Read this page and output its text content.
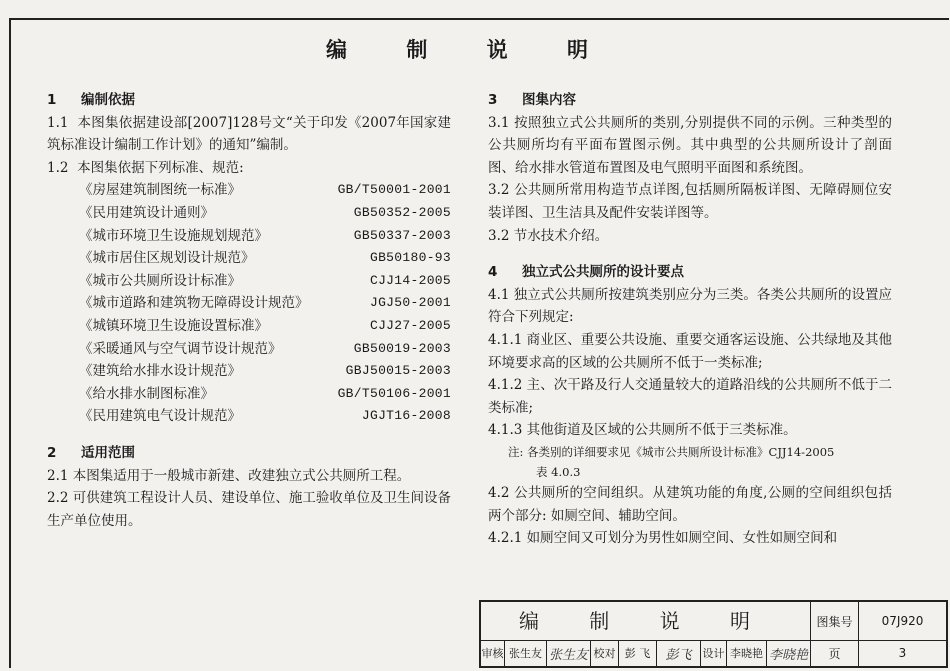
编 制 说 明
1 编制依据
1.1 本图集依据建设部[2007]128号文“关于印发《2007年国家建筑标准设计编制工作计划》的通知”编制。
1.2 本图集依据下列标准、规范:
《房屋建筑制图统一标准》	GB/T50001-2001
《民用建筑设计通则》	GB50352-2005
《城市环境卫生设施规划规范》	GB50337-2003
《城市居住区规划设计规范》	GB50180-93
《城市公共厕所设计标准》	CJJ14-2005
《城市道路和建筑物无障碍设计规范》	JGJ50-2001
《城镇环境卫生设施设置标准》	CJJ27-2005
《采暖通风与空气调节设计规范》	GB50019-2003
《建筑给水排水设计规范》	GBJ50015-2003
《给水排水制图标准》	GB/T50106-2001
《民用建筑电气设计规范》	JGJT16-2008
2 适用范围
2.1 本图集适用于一般城市新建、改建独立式公共厕所工程。
2.2 可供建筑工程设计人员、建设单位、施工验收单位及卫生间设备生产单位使用。
3 图集内容
3.1 按照独立式公共厕所的类别,分别提供不同的示例。三种类型的公共厕所均有平面布置图示例。其中典型的公共厕所设计了剖面图、给水排水管道布置图及电气照明平面图和系统图。
3.2 公共厕所常用构造节点详图,包括厕所隔板详图、无障碍厕位安装详图、卫生洁具及配件安装详图等。
3.2 节水技术介绍。
4 独立式公共厕所的设计要点
4.1 独立式公共厕所按建筑类别应分为三类。各类公共厕所的设置应符合下列规定:
4.1.1 商业区、重要公共设施、重要交通客运设施、公共绿地及其他环境要求高的区域的公共厕所不低于一类标准;
4.1.2 主、次干路及行人交通量较大的道路沿线的公共厕所不低于二类标准;
4.1.3 其他街道及区域的公共厕所不低于三类标准。
注: 各类别的详细要求见《城市公共厕所设计标准》CJJ14-2005
表 4.0.3
4.2 公共厕所的空间组织。从建筑功能的角度,公厕的空间组织包括两个部分: 如厕空间、辅助空间。
4.2.1 如厕空间又可划分为男性如厕空间、女性如厕空间和
编 制 说 明	图集号	07J920
审核 张生友 张生友 校对 彭 飞	彭飞	设计 李晓艳 李晓艳	页	3
